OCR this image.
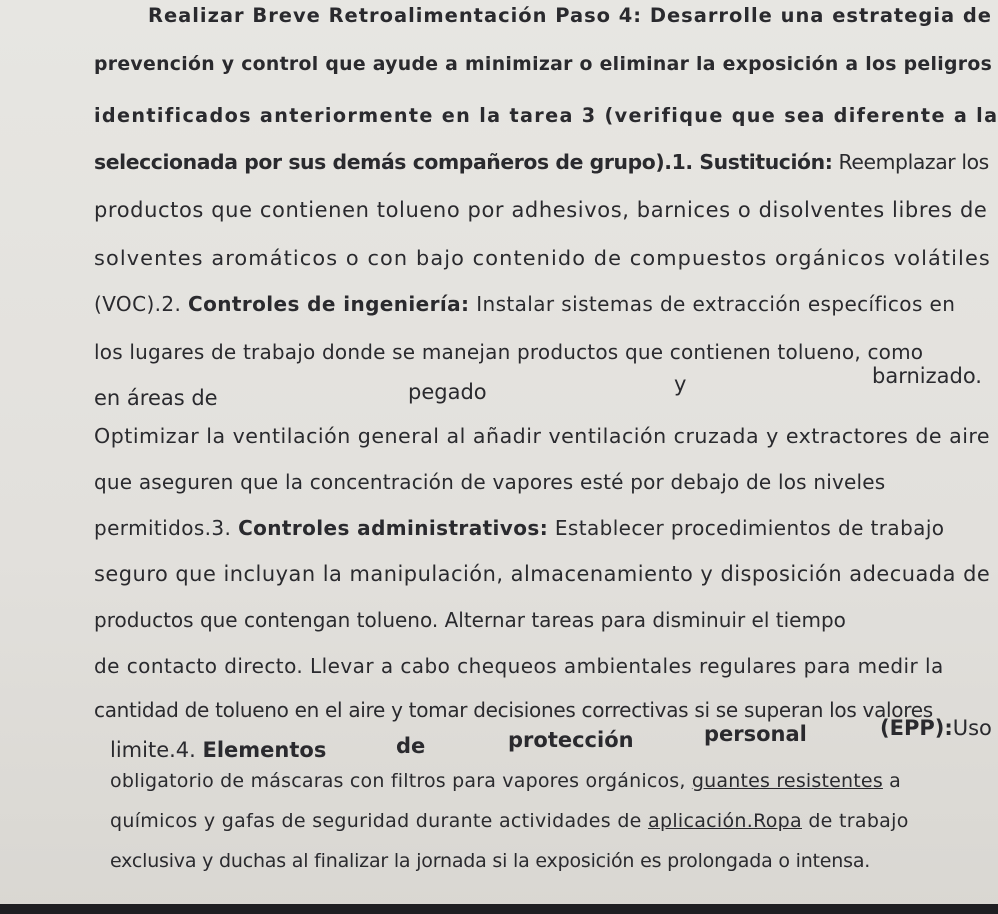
Realizar Breve Retroalimentación Paso 4: Desarrolle una estrategia de
prevención y control que ayude a minimizar o eliminar la exposición a los peligros
identificados anteriormente en la tarea 3 (verifique que sea diferente a la
seleccionada por sus demás compañeros de grupo).1. Sustitución: Reemplazar los
productos que contienen tolueno por adhesivos, barnices o disolventes libres de
solventes aromáticos o con bajo contenido de compuestos orgánicos volátiles
(VOC).2. Controles de ingeniería: Instalar sistemas de extracción específicos en
los lugares de trabajo donde se manejan productos que contienen tolueno, como
en áreas de	pegado	y	barnizado.
Optimizar la ventilación general al añadir ventilación cruzada y extractores de aire
que aseguren que la concentración de vapores esté por debajo de los niveles
permitidos.3. Controles administrativos: Establecer procedimientos de trabajo
seguro que incluyan la manipulación, almacenamiento y disposición adecuada de
productos que contengan tolueno. Alternar tareas para disminuir el tiempo
de contacto directo. Llevar a cabo chequeos ambientales regulares para medir la
cantidad de tolueno en el aire y tomar decisiones correctivas si se superan los valores
limite.4. Elementos	de	protección	personal	(EPP):Uso
obligatorio de máscaras con filtros para vapores orgánicos, guantes resistentes a
químicos y gafas de seguridad durante actividades de aplicación.Ropa de trabajo
exclusiva y duchas al finalizar la jornada si la exposición es prolongada o intensa.
